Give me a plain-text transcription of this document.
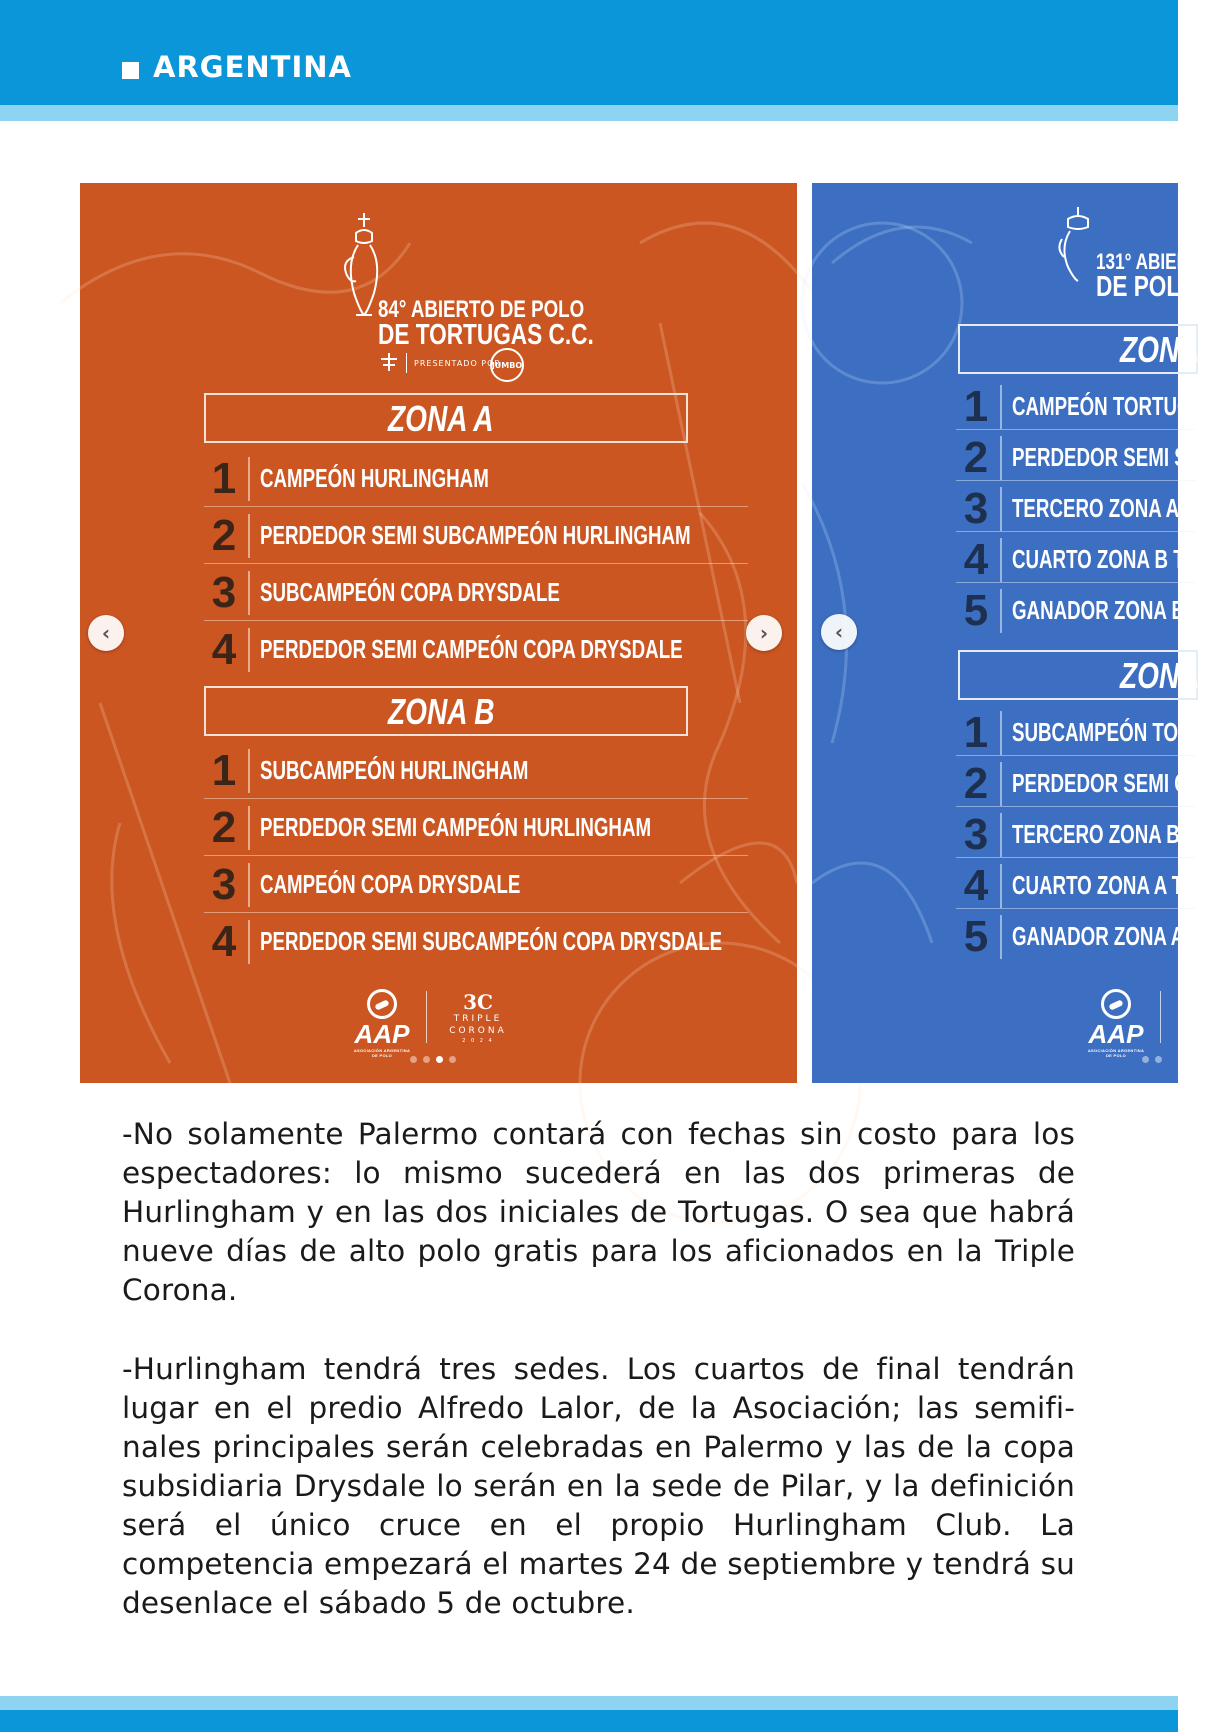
ARGENTINA
84° ABIERTO DE POLO
DE TORTUGAS C.C.
PRESENTADO POR
JUMBO
ZONA A
1 CAMPEÓN HURLINGHAM
2 PERDEDOR SEMI SUBCAMPEÓN HURLINGHAM
3 SUBCAMPEÓN COPA DRYSDALE
4 PERDEDOR SEMI CAMPEÓN COPA DRYSDALE
ZONA B
1 SUBCAMPEÓN HURLINGHAM
2 PERDEDOR SEMI CAMPEÓN HURLINGHAM
3 CAMPEÓN COPA DRYSDALE
4 PERDEDOR SEMI SUBCAMPEÓN COPA DRYSDALE
AAP
ASOCIACIÓN ARGENTINA DE POLO
3C
TRIPLE
CORONA
2 0 2 4
‹	›
131° ABIERT
DE POLO
ZONA
1 CAMPEÓN TORTUGA
2 PERDEDOR SEMI SU
3 TERCERO ZONA A TO
4 CUARTO ZONA B TO
5 GANADOR ZONA B
ZONA
1 SUBCAMPEÓN TOR
2 PERDEDOR SEMI CA
3 TERCERO ZONA B TO
4 CUARTO ZONA A TO
5 GANADOR ZONA A
AAP
ASOCIACIÓN ARGENTINA DE POLO
‹

-No solamente Palermo contará con fechas sin costo para los espectadores: lo mismo sucederá en las dos primeras de Hurlingham y en las dos iniciales de Tortugas. O sea que habrá nueve días de alto polo gratis para los aficionados en la Triple Corona.

-Hurlingham tendrá tres sedes. Los cuartos de final tendrán lugar en el predio Alfredo Lalor, de la Asociación; las semifi-nales principales serán celebradas en Palermo y las de la copa subsidiaria Drysdale lo serán en la sede de Pilar, y la definición será el único cruce en el propio Hurlingham Club. La competencia empezará el martes 24 de septiembre y tendrá su desenlace el sábado 5 de octubre.
